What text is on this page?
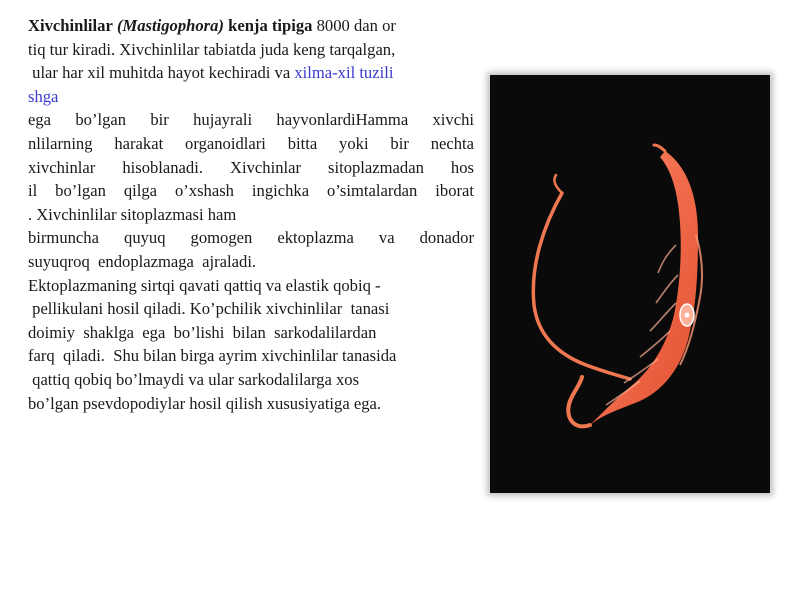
Xivchinlilar (Mastigophora) kenja tipiga 8000 dan or
tiq tur kiradi. Xivchinlilar tabiatda juda keng tarqalgan,
ular har xil muhitda hayot kechiradi va xilma-xil tuzili
shga
ega bo’lgan bir hujayrali hayvonlardiHamma xivchi
nlilarning harakat organoidlari bitta yoki bir nechta
xivchinlar hisoblanadi. Xivchinlar sitoplazmadan hos
il bo’lgan qilga o’xshash ingichka o’simtalardan iborat
. Xivchinlilar sitoplazmasi ham
birmuncha quyuq gomogen ektoplazma va donador
suyuqroq  endoplazmaga  ajraladi.
Ektoplazmaning sirtqi qavati qattiq va elastik qobiq -
pellikulani hosil qiladi. Ko’pchilik xivchinlilar  tanasi
doimiy  shaklga  ega  bo’lishi  bilan  sarkodalilardan
farq  qiladi.  Shu bilan birga ayrim xivchinlilar tanasida
qattiq qobiq bo’lmaydi va ular sarkodalilarga xos
bo’lgan psevdopodiylar hosil qilish xususiyatiga ega.
